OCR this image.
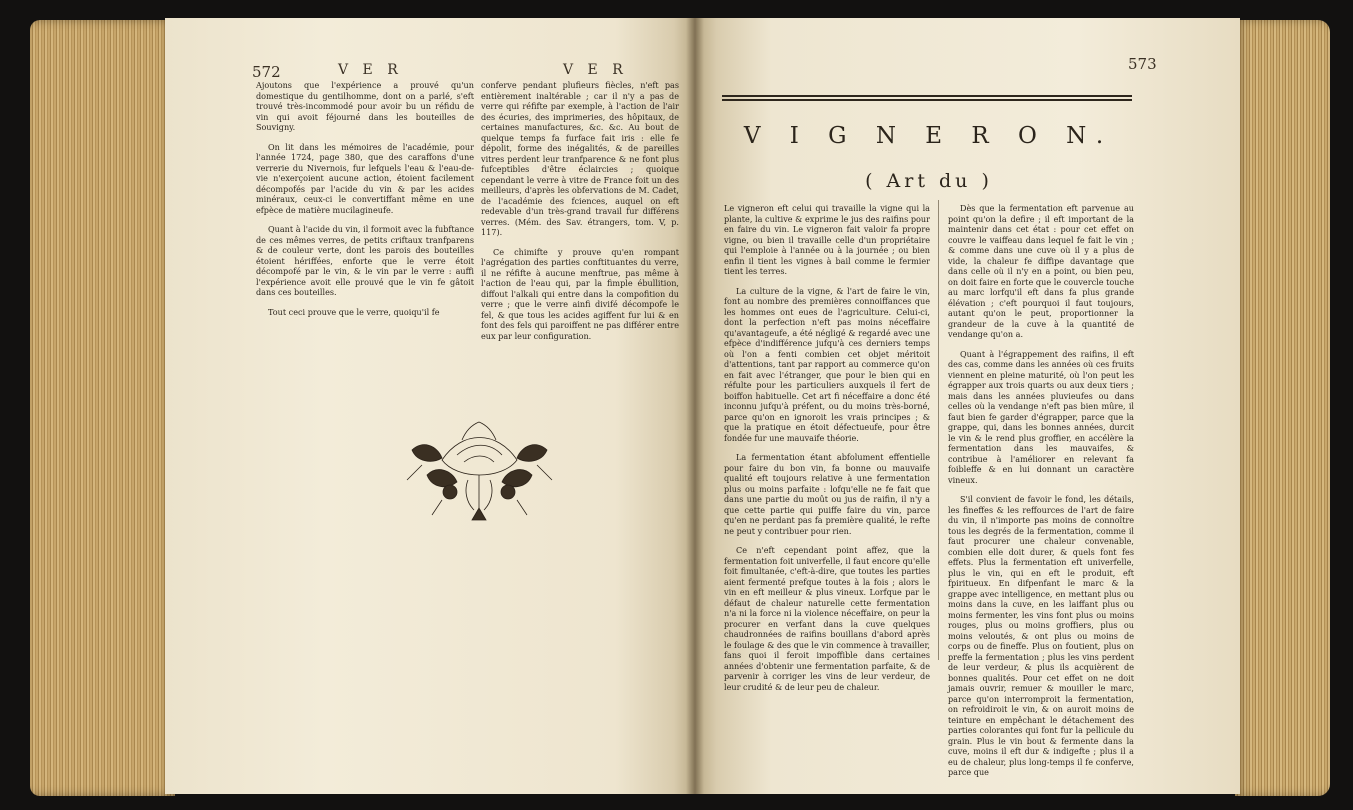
572	V E R	V E R

Ajoutons que l'expérience a prouvé qu'un domestique du gentilhomme, dont on a parlé, s'eft trouvé très-incommodé pour avoir bu un réfidu de vin qui avoit féjourné dans les bouteilles de Souvigny.

On lit dans les mémoires de l'académie, pour l'année 1724, page 380, que des caraffons d'une verrerie du Nivernois, fur lefquels l'eau & l'eau-de-vie n'exerçoient aucune action, étoient facilement décompofés par l'acide du vin & par les acides minéraux, ceux-ci le convertiffant même en une efpèce de matière mucilagineufe.

Quant à l'acide du vin, il formoit avec la fubftance de ces mêmes verres, de petits criftaux tranfparens & de couleur verte, dont les parois des bouteilles étoient hériffées, enforte que le verre étoit décompofé par le vin, & le vin par le verre : auffi l'expérience avoit elle prouvé que le vin fe gâtoit dans ces bouteilles.

Tout ceci prouve que le verre, quoiqu'il fe

conferve pendant plufieurs fiècles, n'eft pas entièrement inaltérable ; car il n'y a pas de verre qui réfifte par exemple, à l'action de l'air des écuries, des imprimeries, des hôpitaux, de certaines manufactures, &c. &c. Au bout de quelque temps fa furface fait iris : elle fe dépolit, forme des inégalités, & de pareilles vitres perdent leur tranfparence & ne font plus fufceptibles d'être éclaircies ; quoique cependant le verre à vitre de France foit un des meilleurs, d'après les obfervations de M. Cadet, de l'académie des fciences, auquel on eft redevable d'un très-grand travail fur différens verres. (Mém. des Sav. étrangers, tom. V, p. 117).

Ce chimifte y prouve qu'en rompant l'agrégation des parties conftituantes du verre, il ne réfifte à aucune menftrue, pas même à l'action de l'eau qui, par la fimple ébullition, diffout l'alkali qui entre dans la compofition du verre ; que le verre ainfi divifé décompofe le fel, & que tous les acides agiffent fur lui & en font des fels qui paroiffent ne pas différer entre eux par leur configuration.

573
V I G N E R O N.
( Art du )

Le vigneron eft celui qui travaille la vigne qui la plante, la cultive & exprime le jus des raifins pour en faire du vin. Le vigneron fait valoir fa propre vigne, ou bien il travaille celle d'un propriétaire qui l'emploie à l'année ou à la journée ; ou bien enfin il tient les vignes à bail comme le fermier tient les terres.

La culture de la vigne, & l'art de faire le vin, font au nombre des premières connoiffances que les hommes ont eues de l'agriculture. Celui-ci, dont la perfection n'eft pas moins néceffaire qu'avantageufe, a été négligé & regardé avec une efpèce d'indifférence jufqu'à ces derniers temps où l'on a fenti combien cet objet méritoit d'attentions, tant par rapport au commerce qu'on en fait avec l'étranger, que pour le bien qui en réfulte pour les particuliers auxquels il fert de boiffon habituelle. Cet art fi néceffaire a donc été inconnu jufqu'à préfent, ou du moins très-borné, parce qu'on en ignoroit les vrais principes ; & que la pratique en étoit défectueufe, pour être fondée fur une mauvaife théorie.

La fermentation étant abfolument effentielle pour faire du bon vin, fa bonne ou mauvaife qualité eft toujours relative à une fermentation plus ou moins parfaite : lofqu'elle ne fe fait que dans une partie du moût ou jus de raifin, il n'y a que cette partie qui puiffe faire du vin, parce qu'en ne perdant pas fa première qualité, le refte ne peut y contribuer pour rien.

Ce n'eft cependant point affez, que la fermentation foit univerfelle, il faut encore qu'elle foit fimultanée, c'eft-à-dire, que toutes les parties aient fermenté prefque toutes à la fois ; alors le vin en eft meilleur & plus vineux. Lorfque par le défaut de chaleur naturelle cette fermentation n'a ni la force ni la violence néceffaire, on peur la procurer en verfant dans la cuve quelques chaudronnées de raifins bouillans d'abord après le foulage & des que le vin commence à travailler, fans quoi il feroit impoffible dans certaines années d'obtenir une fermentation parfaite, & de parvenir à corriger les vins de leur verdeur, de leur crudité & de leur peu de chaleur.

Dès que la fermentation eft parvenue au point qu'on la defire ; il eft important de la maintenir dans cet état : pour cet effet on couvre le vaiffeau dans lequel fe fait le vin ; & comme dans une cuve où il y a plus de vide, la chaleur fe diffipe davantage que dans celle où il n'y en a point, ou bien peu, on doit faire en forte que le couvercle touche au marc lorfqu'il eft dans fa plus grande élévation ; c'eft pourquoi il faut toujours, autant qu'on le peut, proportionner la grandeur de la cuve à la quantité de vendange qu'on a.

Quant à l'égrappement des raifins, il eft des cas, comme dans les années où ces fruits viennent en pleine maturité, où l'on peut les égrapper aux trois quarts ou aux deux tiers ; mais dans les années pluvieufes ou dans celles où la vendange n'eft pas bien mûre, il faut bien fe garder d'égrapper, parce que la grappe, qui, dans les bonnes années, durcit le vin & le rend plus groffier, en accélère la fermentation dans les mauvaifes, & contribue à l'améliorer en relevant fa foibleffe & en lui donnant un caractère vineux.

S'il convient de favoir le fond, les détails, les fineffes & les reffources de l'art de faire du vin, il n'importe pas moins de connoître tous les degrés de la fermentation, comme il faut procurer une chaleur convenable, combien elle doit durer, & quels font fes effets. Plus la fermentation eft univerfelle, plus le vin, qui en eft le produit, eft fpiritueux. En difpenfant le marc & la grappe avec intelligence, en mettant plus ou moins dans la cuve, en les laiffant plus ou moins fermenter, les vins font plus ou moins rouges, plus ou moins groffiers, plus ou moins veloutés, & ont plus ou moins de corps ou de fineffe. Plus on foutient, plus on preffe la fermentation ; plus les vins perdent de leur verdeur, & plus ils acquièrent de bonnes qualités. Pour cet effet on ne doit jamais ouvrir, remuer & mouiller le marc, parce qu'on interromproit la fermentation, on refroidiroit le vin, & on auroit moins de teinture en empêchant le détachement des parties colorantes qui font fur la pellicule du grain. Plus le vin bout & fermente dans la cuve, moins il eft dur & indigefte ; plus il a eu de chaleur, plus long-temps il fe conferve, parce que
